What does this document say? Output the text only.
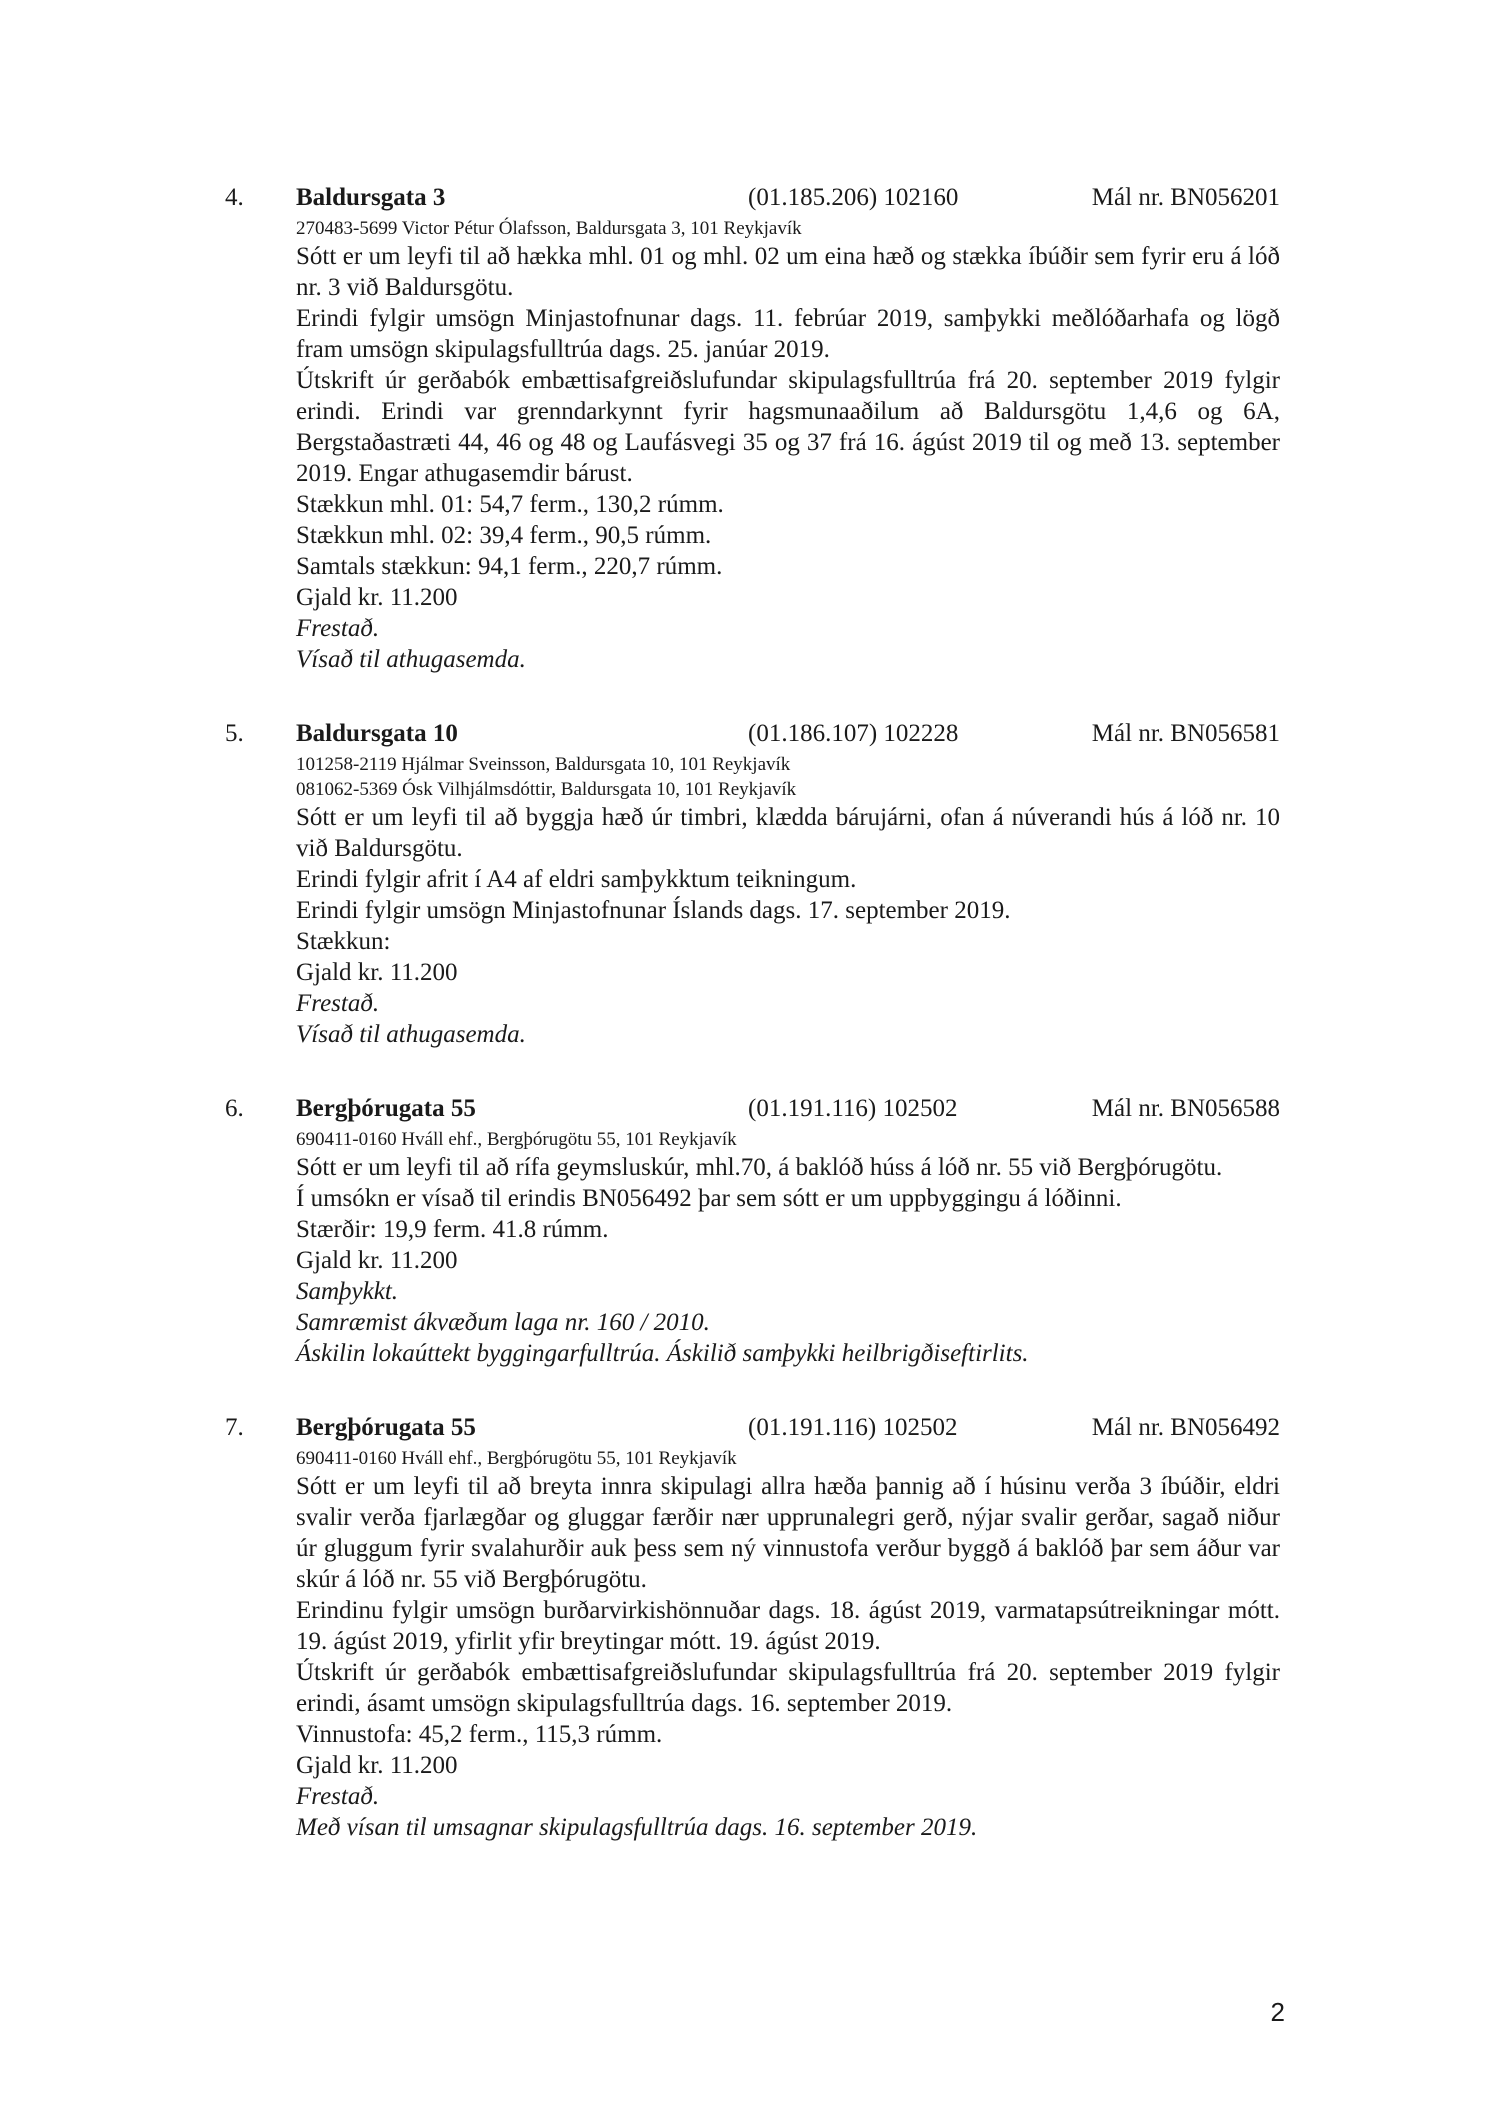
4. Baldursgata 3	(01.185.206) 102160	Mál nr. BN056201
270483-5699 Victor Pétur Ólafsson, Baldursgata 3, 101 Reykjavík
Sótt er um leyfi til að hækka mhl. 01 og mhl. 02 um eina hæð og stækka íbúðir sem fyrir eru á lóð nr. 3 við Baldursgötu.
Erindi fylgir umsögn Minjastofnunar dags. 11. febrúar 2019, samþykki meðlóðarhafa og lögð fram umsögn skipulagsfulltrúa dags. 25. janúar 2019.
Útskrift úr gerðabók embættisafgreiðslufundar skipulagsfulltrúa frá 20. september 2019 fylgir erindi. Erindi var grenndarkynnt fyrir hagsmunaaðilum að Baldursgötu 1,4,6 og 6A, Bergstaðastræti 44, 46 og 48 og Laufásvegi 35 og 37 frá 16. ágúst 2019 til og með 13. september 2019. Engar athugasemdir bárust.
Stækkun mhl. 01: 54,7 ferm., 130,2 rúmm.
Stækkun mhl. 02: 39,4 ferm., 90,5 rúmm.
Samtals stækkun: 94,1 ferm., 220,7 rúmm.
Gjald kr. 11.200
Frestað.
Vísað til athugasemda.
5. Baldursgata 10	(01.186.107) 102228	Mál nr. BN056581
101258-2119 Hjálmar Sveinsson, Baldursgata 10, 101 Reykjavík
081062-5369 Ósk Vilhjálmsdóttir, Baldursgata 10, 101 Reykjavík
Sótt er um leyfi til að byggja hæð úr timbri, klædda bárujárni, ofan á núverandi hús á lóð nr. 10 við Baldursgötu.
Erindi fylgir afrit í A4 af eldri samþykktum teikningum.
Erindi fylgir umsögn Minjastofnunar Íslands dags. 17. september 2019.
Stækkun:
Gjald kr. 11.200
Frestað.
Vísað til athugasemda.
6. Bergþórugata 55	(01.191.116) 102502	Mál nr. BN056588
690411-0160 Hváll ehf., Bergþórugötu 55, 101 Reykjavík
Sótt er um leyfi til að rífa geymsluskúr, mhl.70, á baklóð húss á lóð nr. 55 við Bergþórugötu.
Í umsókn er vísað til erindis BN056492 þar sem sótt er um uppbyggingu á lóðinni.
Stærðir: 19,9 ferm. 41.8 rúmm.
Gjald kr. 11.200
Samþykkt.
Samræmist ákvæðum laga nr. 160 / 2010.
Áskilin lokaúttekt byggingarfulltrúa. Áskilið samþykki heilbrigðiseftirlits.
7. Bergþórugata 55	(01.191.116) 102502	Mál nr. BN056492
690411-0160 Hváll ehf., Bergþórugötu 55, 101 Reykjavík
Sótt er um leyfi til að breyta innra skipulagi allra hæða þannig að í húsinu verða 3 íbúðir, eldri svalir verða fjarlægðar og gluggar færðir nær upprunalegri gerð, nýjar svalir gerðar, sagað niður úr gluggum fyrir svalahurðir auk þess sem ný vinnustofa verður byggð á baklóð þar sem áður var skúr á lóð nr. 55 við Bergþórugötu.
Erindinu fylgir umsögn burðarvirkishönnuðar dags. 18. ágúst 2019, varmatapsútreikningar mótt. 19. ágúst 2019, yfirlit yfir breytingar mótt. 19. ágúst 2019.
Útskrift úr gerðabók embættisafgreiðslufundar skipulagsfulltrúa frá 20. september 2019 fylgir erindi, ásamt umsögn skipulagsfulltrúa dags. 16. september 2019.
Vinnustofa: 45,2 ferm., 115,3 rúmm.
Gjald kr. 11.200
Frestað.
Með vísan til umsagnar skipulagsfulltrúa dags. 16. september 2019.
2
